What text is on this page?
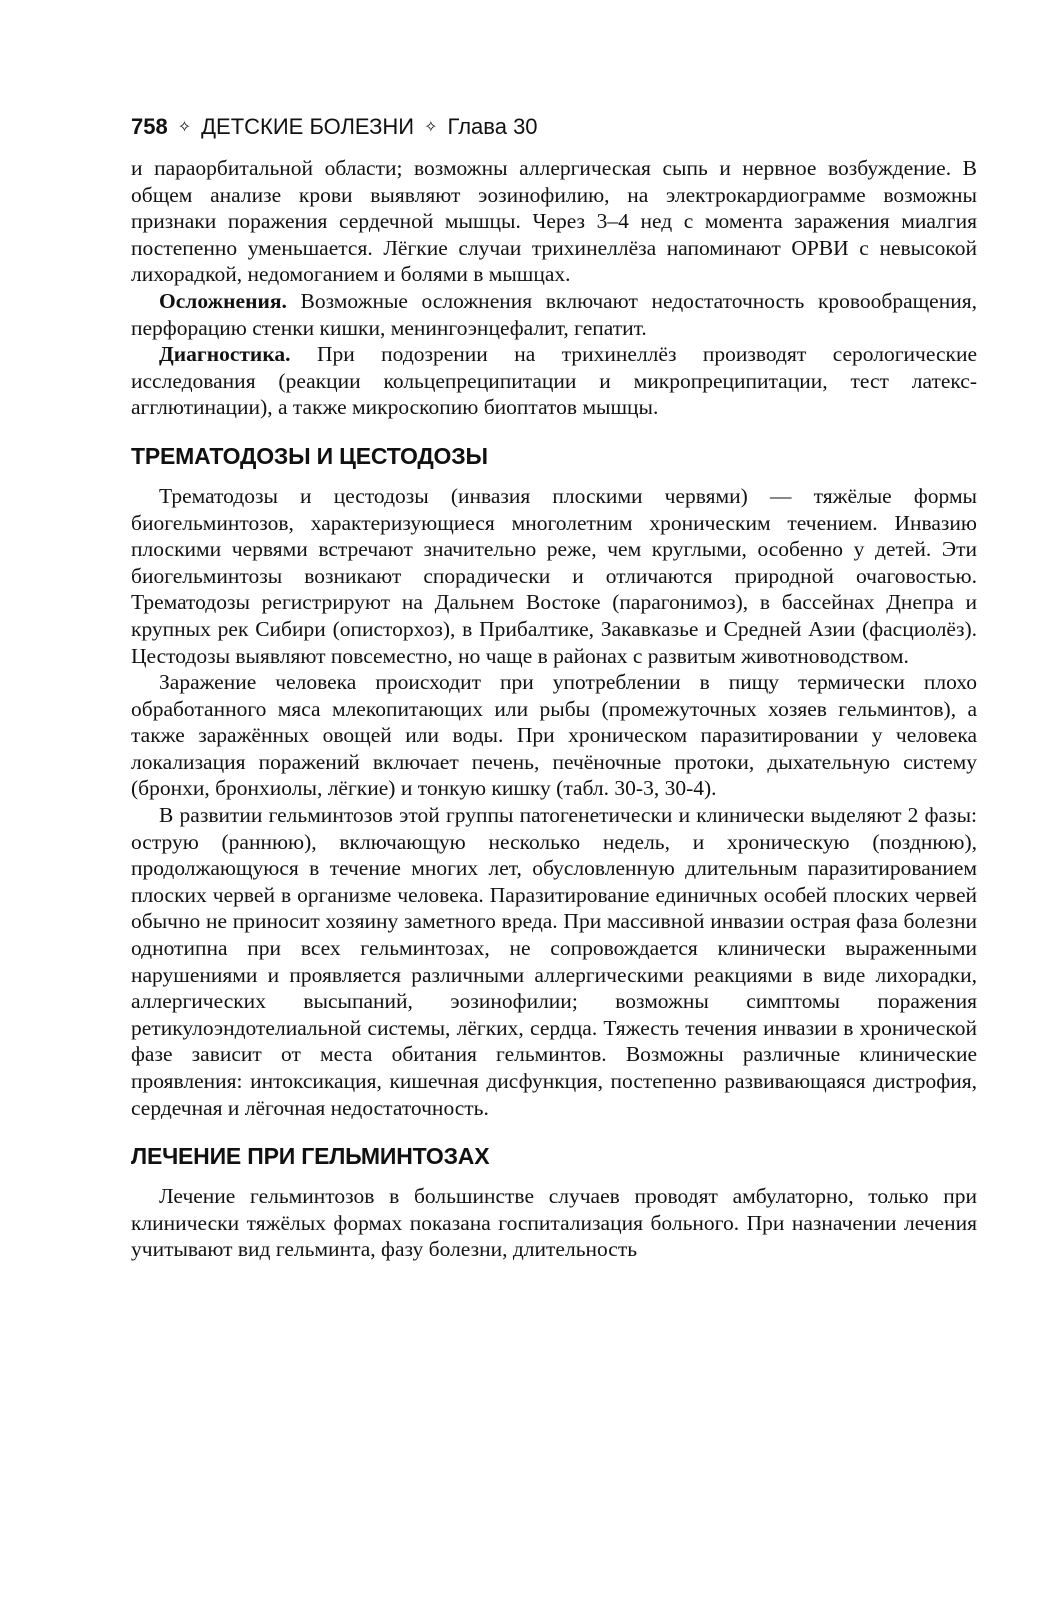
758 ✧ ДЕТСКИЕ БОЛЕЗНИ ✧ Глава 30

и параорбитальной области; возможны аллергическая сыпь и нервное возбуждение. В общем анализе крови выявляют эозинофилию, на электрокардиограмме возможны признаки поражения сердечной мышцы. Через 3–4 нед с момента заражения миалгия постепенно уменьшается. Лёгкие случаи трихинеллёза напоминают ОРВИ с невысокой лихорадкой, недомоганием и болями в мышцах.

Осложнения. Возможные осложнения включают недостаточность кровообращения, перфорацию стенки кишки, менингоэнцефалит, гепатит.

Диагностика. При подозрении на трихинеллёз производят серологические исследования (реакции кольцепреципитации и микропреципитации, тест латекс-агглютинации), а также микроскопию биоптатов мышцы.

ТРЕМАТОДОЗЫ И ЦЕСТОДОЗЫ

Трематодозы и цестодозы (инвазия плоскими червями) — тяжёлые формы биогельминтозов, характеризующиеся многолетним хроническим течением. Инвазию плоскими червями встречают значительно реже, чем круглыми, особенно у детей. Эти биогельминтозы возникают спорадически и отличаются природной очаговостью. Трематодозы регистрируют на Дальнем Востоке (парагонимоз), в бассейнах Днепра и крупных рек Сибири (описторхоз), в Прибалтике, Закавказье и Средней Азии (фасциолёз). Цестодозы выявляют повсеместно, но чаще в районах с развитым животноводством.

Заражение человека происходит при употреблении в пищу термически плохо обработанного мяса млекопитающих или рыбы (промежуточных хозяев гельминтов), а также заражённых овощей или воды. При хроническом паразитировании у человека локализация поражений включает печень, печёночные протоки, дыхательную систему (бронхи, бронхиолы, лёгкие) и тонкую кишку (табл. 30-3, 30-4).

В развитии гельминтозов этой группы патогенетически и клинически выделяют 2 фазы: острую (раннюю), включающую несколько недель, и хроническую (позднюю), продолжающуюся в течение многих лет, обусловленную длительным паразитированием плоских червей в организме человека. Паразитирование единичных особей плоских червей обычно не приносит хозяину заметного вреда. При массивной инвазии острая фаза болезни однотипна при всех гельминтозах, не сопровождается клинически выраженными нарушениями и проявляется различными аллергическими реакциями в виде лихорадки, аллергических высыпаний, эозинофилии; возможны симптомы поражения ретикулоэндотелиальной системы, лёгких, сердца. Тяжесть течения инвазии в хронической фазе зависит от места обитания гельминтов. Возможны различные клинические проявления: интоксикация, кишечная дисфункция, постепенно развивающаяся дистрофия, сердечная и лёгочная недостаточность.

ЛЕЧЕНИЕ ПРИ ГЕЛЬМИНТОЗАХ

Лечение гельминтозов в большинстве случаев проводят амбулаторно, только при клинически тяжёлых формах показана госпитализация больного. При назначении лечения учитывают вид гельминта, фазу болезни, длительность
